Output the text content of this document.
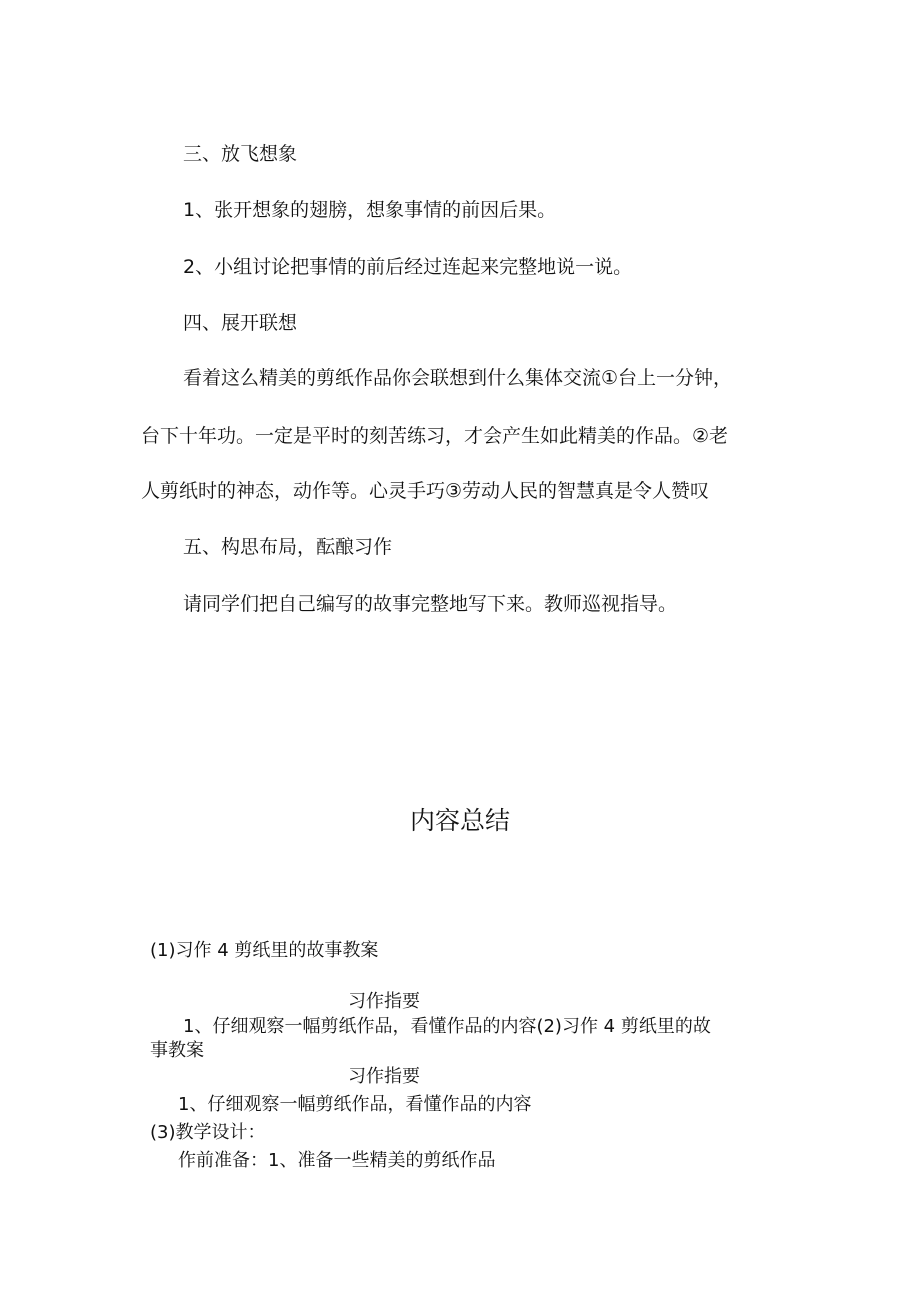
三、放飞想象
1、张开想象的翅膀，想象事情的前因后果。
2、小组讨论把事情的前后经过连起来完整地说一说。
四、展开联想
看着这么精美的剪纸作品你会联想到什么集体交流①台上一分钟，
台下十年功。一定是平时的刻苦练习，才会产生如此精美的作品。②老
人剪纸时的神态，动作等。心灵手巧③劳动人民的智慧真是令人赞叹
五、构思布局，酝酿习作
请同学们把自己编写的故事完整地写下来。教师巡视指导。
内容总结
(1)习作 4 剪纸里的故事教案
习作指要
1、仔细观察一幅剪纸作品，看懂作品的内容(2)习作 4 剪纸里的故
事教案
习作指要
1、仔细观察一幅剪纸作品，看懂作品的内容
(3)教学设计：
作前准备：1、准备一些精美的剪纸作品
